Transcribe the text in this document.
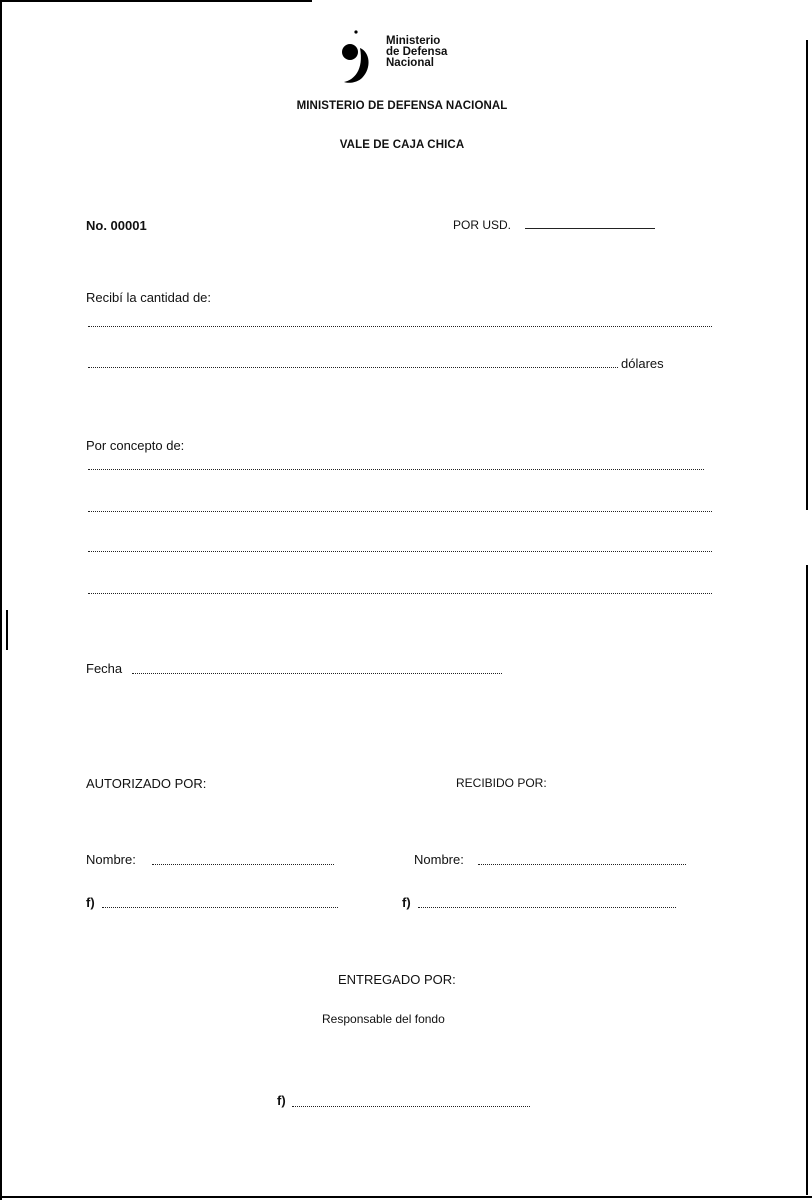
Ministerio
de Defensa
Nacional
MINISTERIO DE DEFENSA NACIONAL
VALE DE CAJA CHICA
No. 00001	POR USD.
Recibí la cantidad de:
dólares
Por concepto de:
Fecha
AUTORIZADO POR:	RECIBIDO POR:
Nombre:	Nombre:
f)	f)
ENTREGADO POR:
Responsable del fondo
f)
